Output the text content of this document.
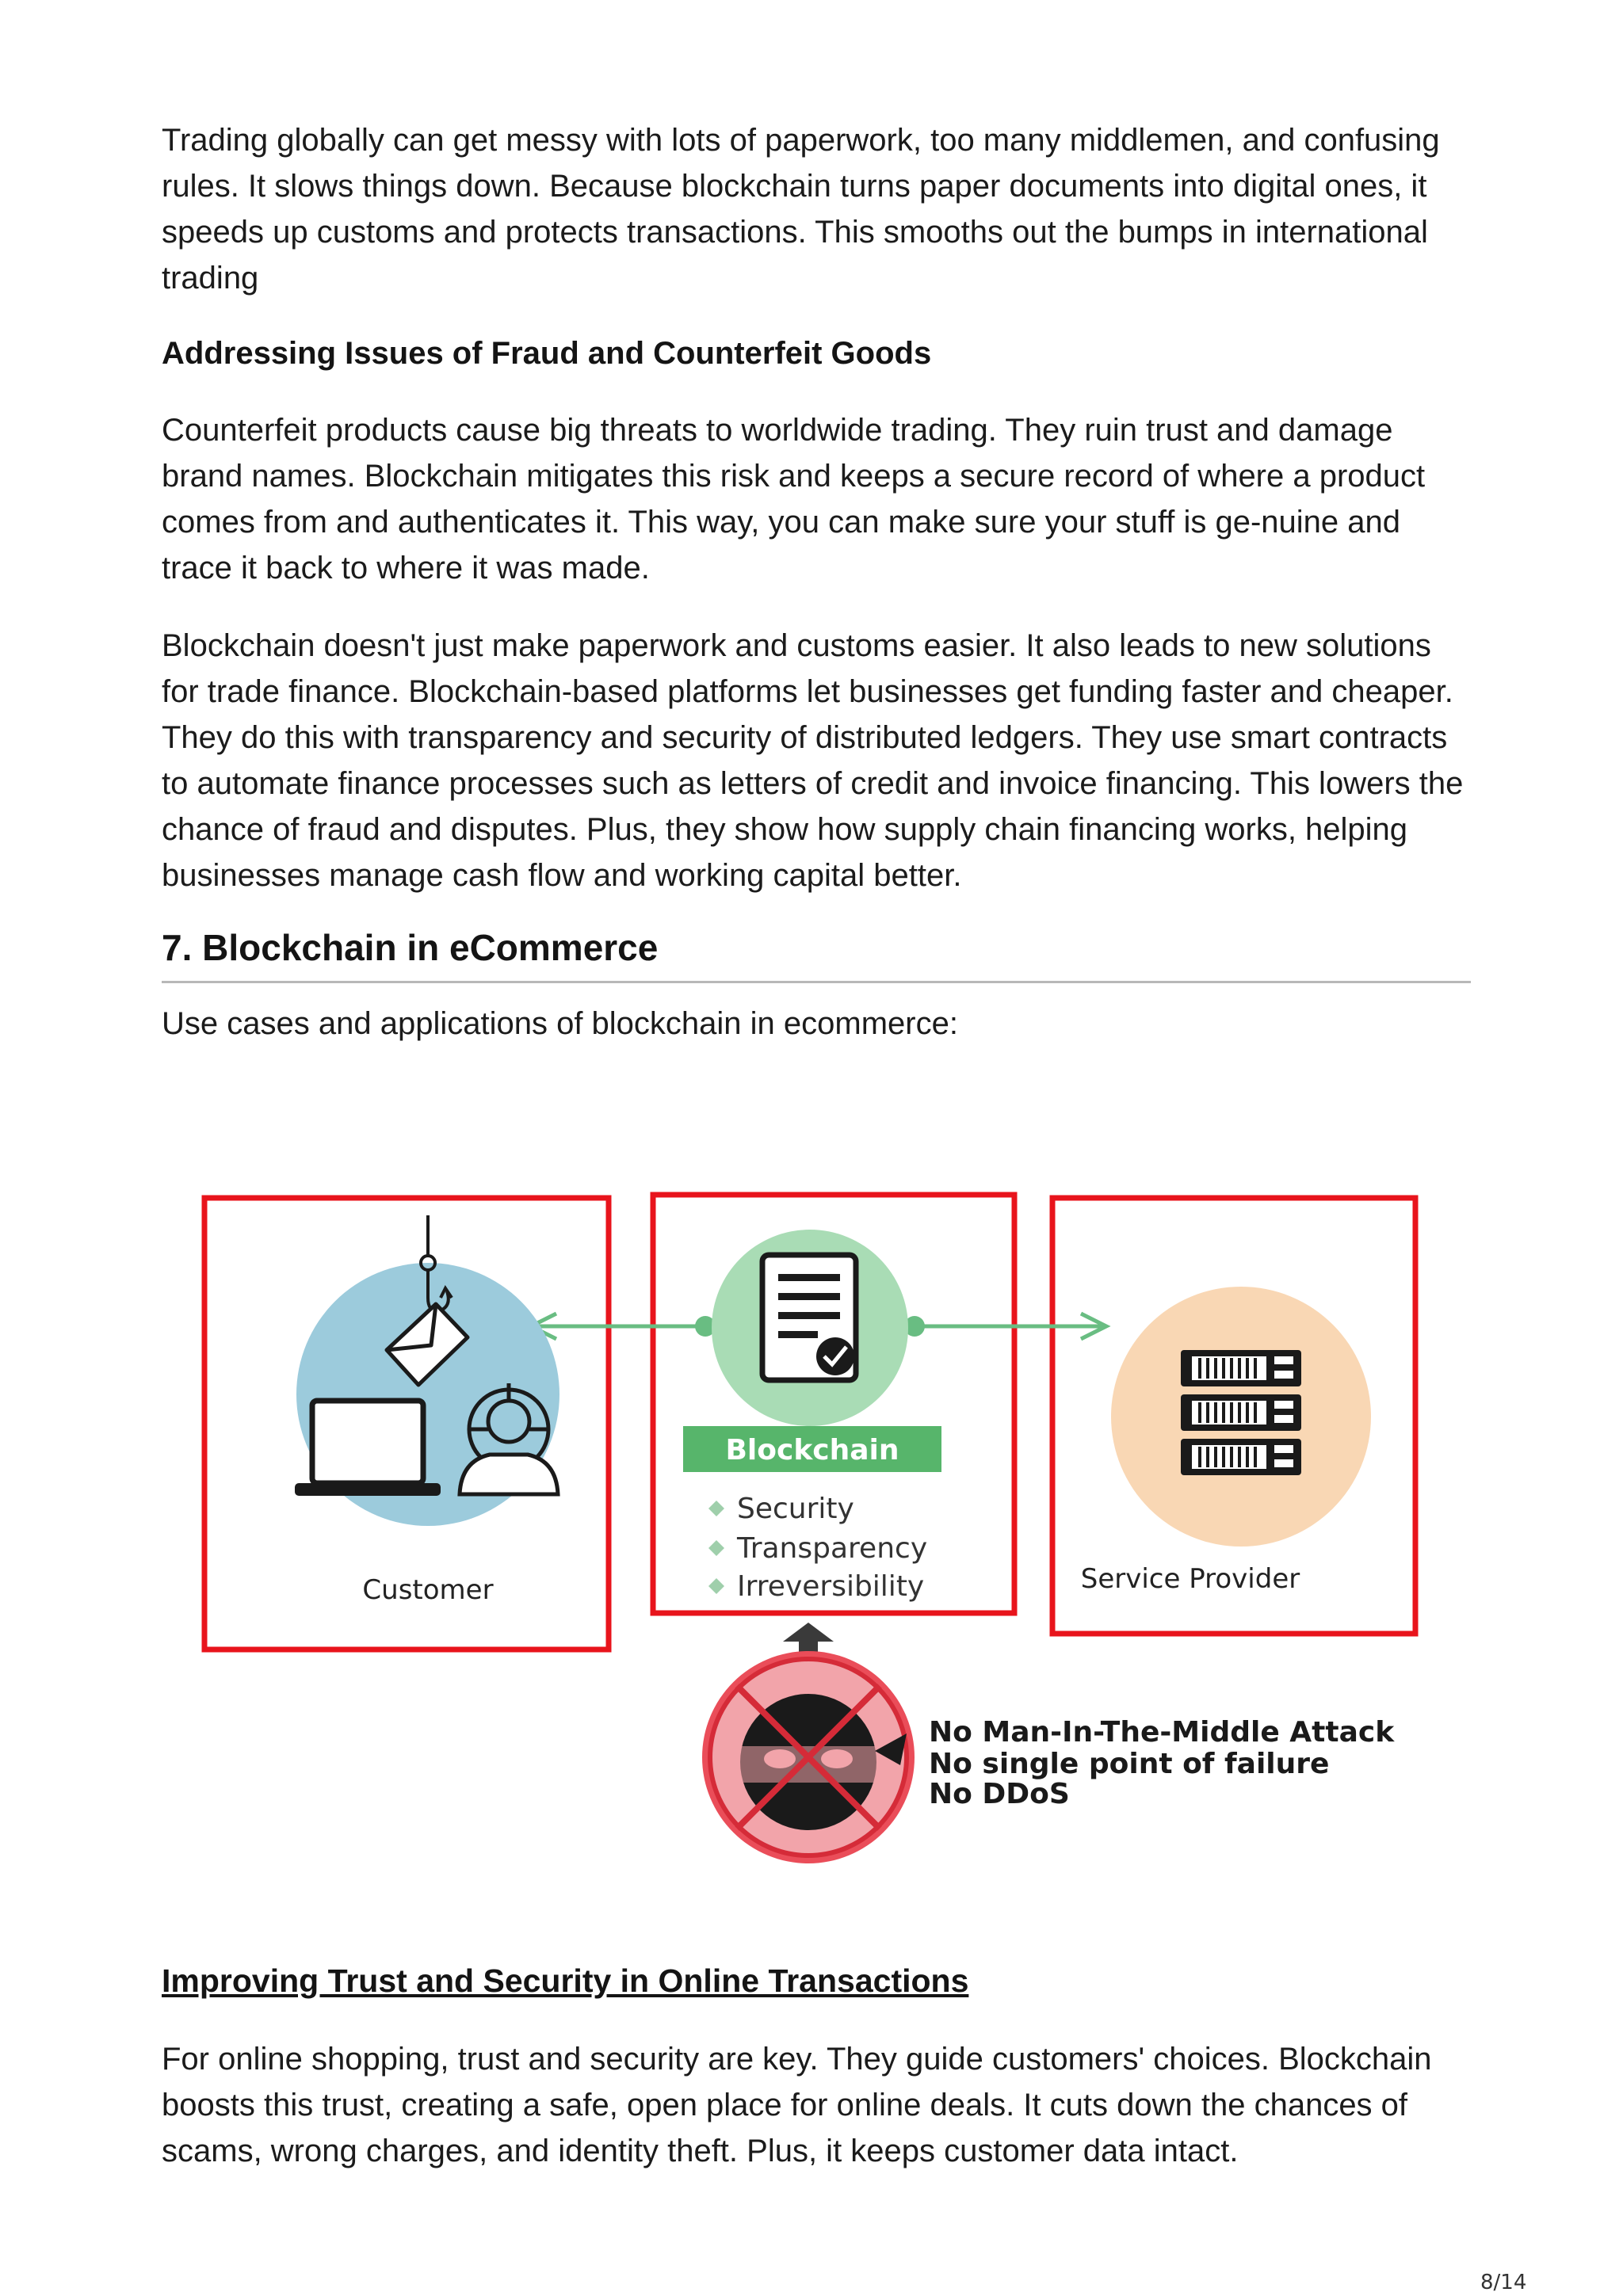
Trading globally can get messy with lots of paperwork, too many middlemen, and confusing rules. It slows things down. Because blockchain turns paper documents into digital ones, it speeds up customs and protects transactions. This smooths out the bumps in international trading

Addressing Issues of Fraud and Counterfeit Goods

Counterfeit products cause big threats to worldwide trading. They ruin trust and damage brand names. Blockchain mitigates this risk and keeps a secure record of where a product comes from and authenticates it. This way, you can make sure your stuff is ge-nuine and trace it back to where it was made.

Blockchain doesn't just make paperwork and customs easier. It also leads to new solutions for trade finance. Blockchain-based platforms let businesses get funding faster and cheaper. They do this with transparency and security of distributed ledgers. They use smart contracts to automate finance processes such as letters of credit and invoice financing. This lowers the chance of fraud and disputes. Plus, they show how supply chain financing works, helping businesses manage cash flow and working capital better.

7. Blockchain in eCommerce

Use cases and applications of blockchain in ecommerce:

Customer
Blockchain
Security
Transparency
Irreversibility	Service Provider
No Man-In-The-Middle Attack
No single point of failure
No DDoS
Improving Trust and Security in Online Transactions

For online shopping, trust and security are key. They guide customers' choices. Blockchain boosts this trust, creating a safe, open place for online deals. It cuts down the chances of scams, wrong charges, and identity theft. Plus, it keeps customer data intact.

8/14
